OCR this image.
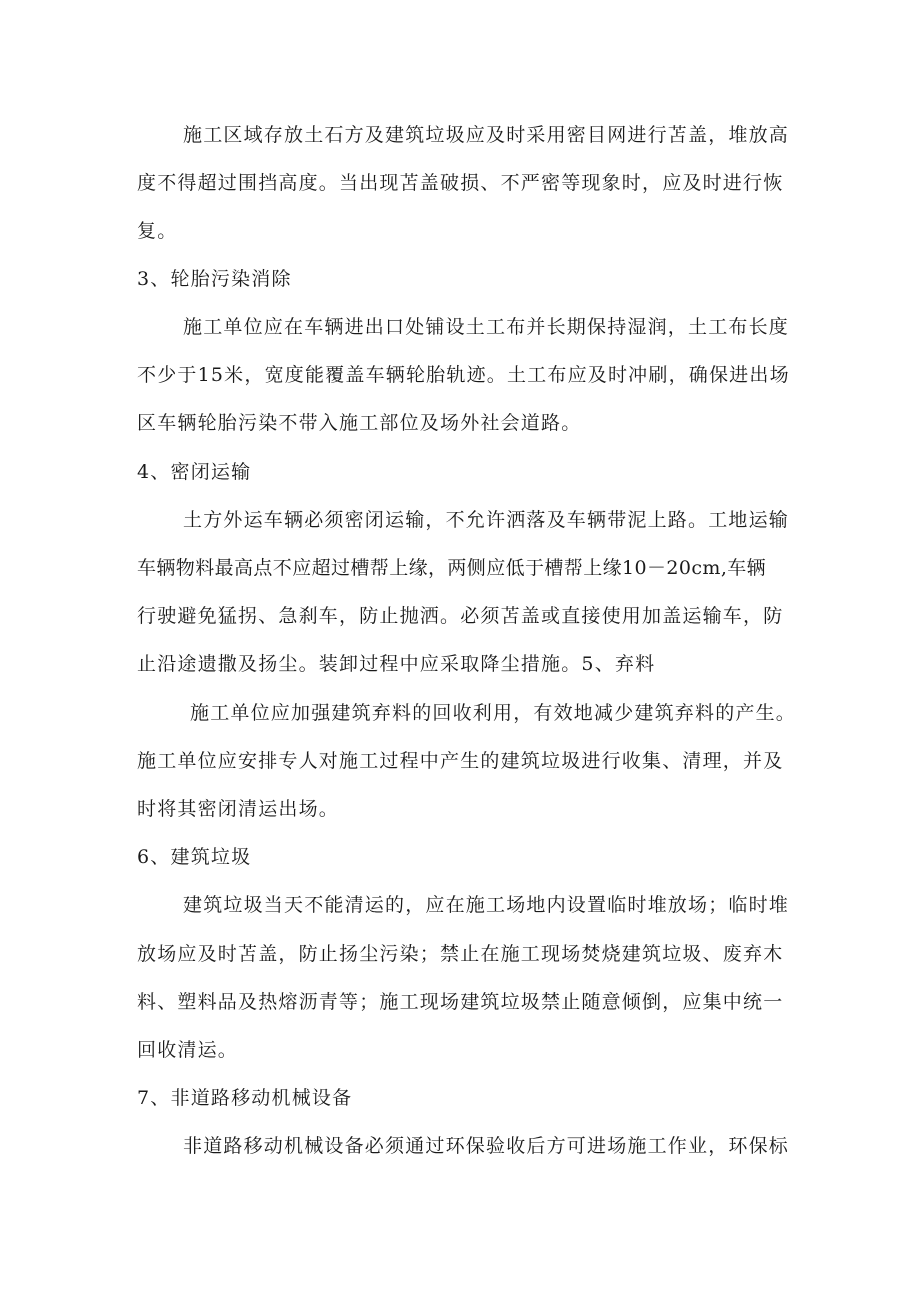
施工区域存放土石方及建筑垃圾应及时采用密目网进行苫盖，堆放高
度不得超过围挡高度。当出现苫盖破损、不严密等现象时，应及时进行恢
复。
3、轮胎污染消除
施工单位应在车辆进出口处铺设土工布并长期保持湿润，土工布长度
不少于15米，宽度能覆盖车辆轮胎轨迹。土工布应及时冲刷，确保进出场
区车辆轮胎污染不带入施工部位及场外社会道路。
4、密闭运输
土方外运车辆必须密闭运输，不允许洒落及车辆带泥上路。工地运输
车辆物料最高点不应超过槽帮上缘，两侧应低于槽帮上缘10－20cm,车辆
行驶避免猛拐、急刹车，防止抛洒。必须苫盖或直接使用加盖运输车，防
止沿途遗撒及扬尘。装卸过程中应采取降尘措施。5、弃料
施工单位应加强建筑弃料的回收利用，有效地减少建筑弃料的产生。
施工单位应安排专人对施工过程中产生的建筑垃圾进行收集、清理，并及
时将其密闭清运出场。
6、建筑垃圾
建筑垃圾当天不能清运的，应在施工场地内设置临时堆放场；临时堆
放场应及时苫盖，防止扬尘污染；禁止在施工现场焚烧建筑垃圾、废弃木
料、塑料品及热熔沥青等；施工现场建筑垃圾禁止随意倾倒，应集中统一
回收清运。
7、非道路移动机械设备
非道路移动机械设备必须通过环保验收后方可进场施工作业，环保标
